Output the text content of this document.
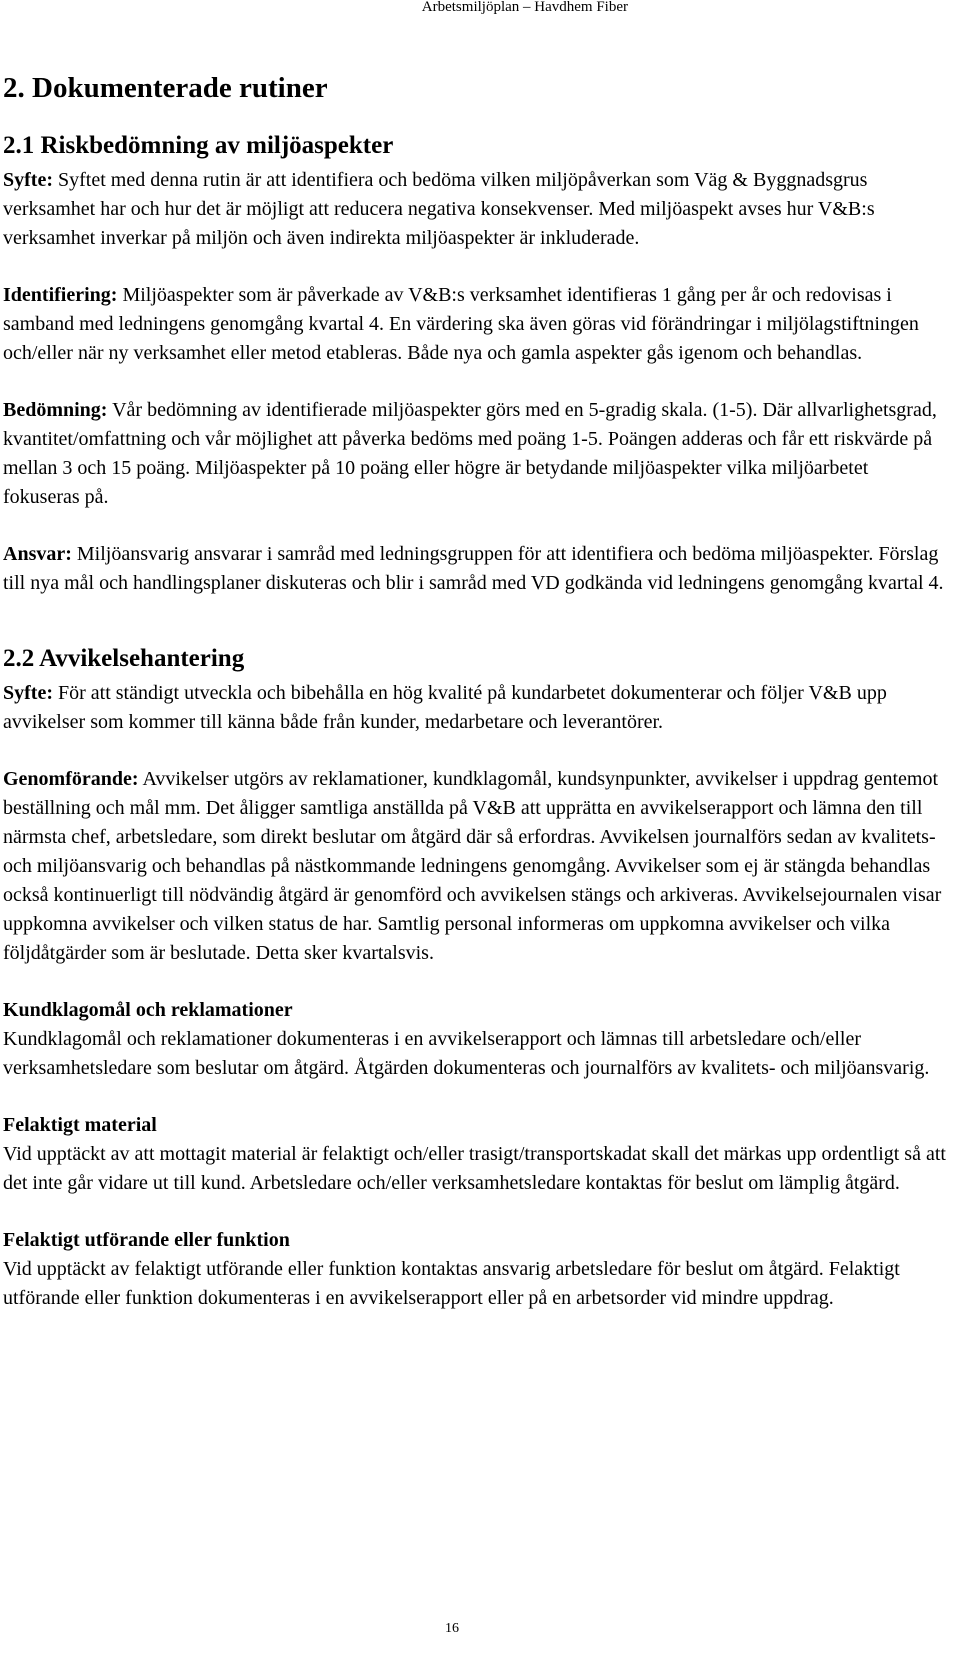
Arbetsmiljöplan – Havdhem Fiber
2. Dokumenterade rutiner
2.1 Riskbedömning av miljöaspekter

Syfte: Syftet med denna rutin är att identifiera och bedöma vilken miljöpåverkan som Väg & Byggnadsgrus verksamhet har och hur det är möjligt att reducera negativa konsekvenser. Med miljöaspekt avses hur V&B:s verksamhet inverkar på miljön och även indirekta miljöaspekter är inkluderade.

Identifiering: Miljöaspekter som är påverkade av V&B:s verksamhet identifieras 1 gång per år och redovisas i samband med ledningens genomgång kvartal 4. En värdering ska även göras vid förändringar i miljölagstiftningen och/eller när ny verksamhet eller metod etableras. Både nya och gamla aspekter gås igenom och behandlas.

Bedömning: Vår bedömning av identifierade miljöaspekter görs med en 5-gradig skala. (1-5). Där allvarlighetsgrad, kvantitet/omfattning och vår möjlighet att påverka bedöms med poäng 1-5. Poängen adderas och får ett riskvärde på mellan 3 och 15 poäng. Miljöaspekter på 10 poäng eller högre är betydande miljöaspekter vilka miljöarbetet fokuseras på.

Ansvar: Miljöansvarig ansvarar i samråd med ledningsgruppen för att identifiera och bedöma miljöaspekter. Förslag till nya mål och handlingsplaner diskuteras och blir i samråd med VD godkända vid ledningens genomgång kvartal 4.

2.2 Avvikelsehantering

Syfte: För att ständigt utveckla och bibehålla en hög kvalité på kundarbetet dokumenterar och följer V&B upp avvikelser som kommer till känna både från kunder, medarbetare och leverantörer.

Genomförande: Avvikelser utgörs av reklamationer, kundklagomål, kundsynpunkter, avvikelser i uppdrag gentemot beställning och mål mm. Det åligger samtliga anställda på V&B att upprätta en avvikelserapport och lämna den till närmsta chef, arbetsledare, som direkt beslutar om åtgärd där så erfordras. Avvikelsen journalförs sedan av kvalitets- och miljöansvarig och behandlas på nästkommande ledningens genomgång. Avvikelser som ej är stängda behandlas också kontinuerligt till nödvändig åtgärd är genomförd och avvikelsen stängs och arkiveras. Avvikelsejournalen visar uppkomna avvikelser och vilken status de har. Samtlig personal informeras om uppkomna avvikelser och vilka följdåtgärder som är beslutade. Detta sker kvartalsvis.

Kundklagomål och reklamationer
Kundklagomål och reklamationer dokumenteras i en avvikelserapport och lämnas till arbetsledare och/eller verksamhetsledare som beslutar om åtgärd. Åtgärden dokumenteras och journalförs av kvalitets- och miljöansvarig.

Felaktigt material
Vid upptäckt av att mottagit material är felaktigt och/eller trasigt/transportskadat skall det märkas upp ordentligt så att det inte går vidare ut till kund. Arbetsledare och/eller verksamhetsledare kontaktas för beslut om lämplig åtgärd.

Felaktigt utförande eller funktion
Vid upptäckt av felaktigt utförande eller funktion kontaktas ansvarig arbetsledare för beslut om åtgärd. Felaktigt utförande eller funktion dokumenteras i en avvikelserapport eller på en arbetsorder vid mindre uppdrag.

16
